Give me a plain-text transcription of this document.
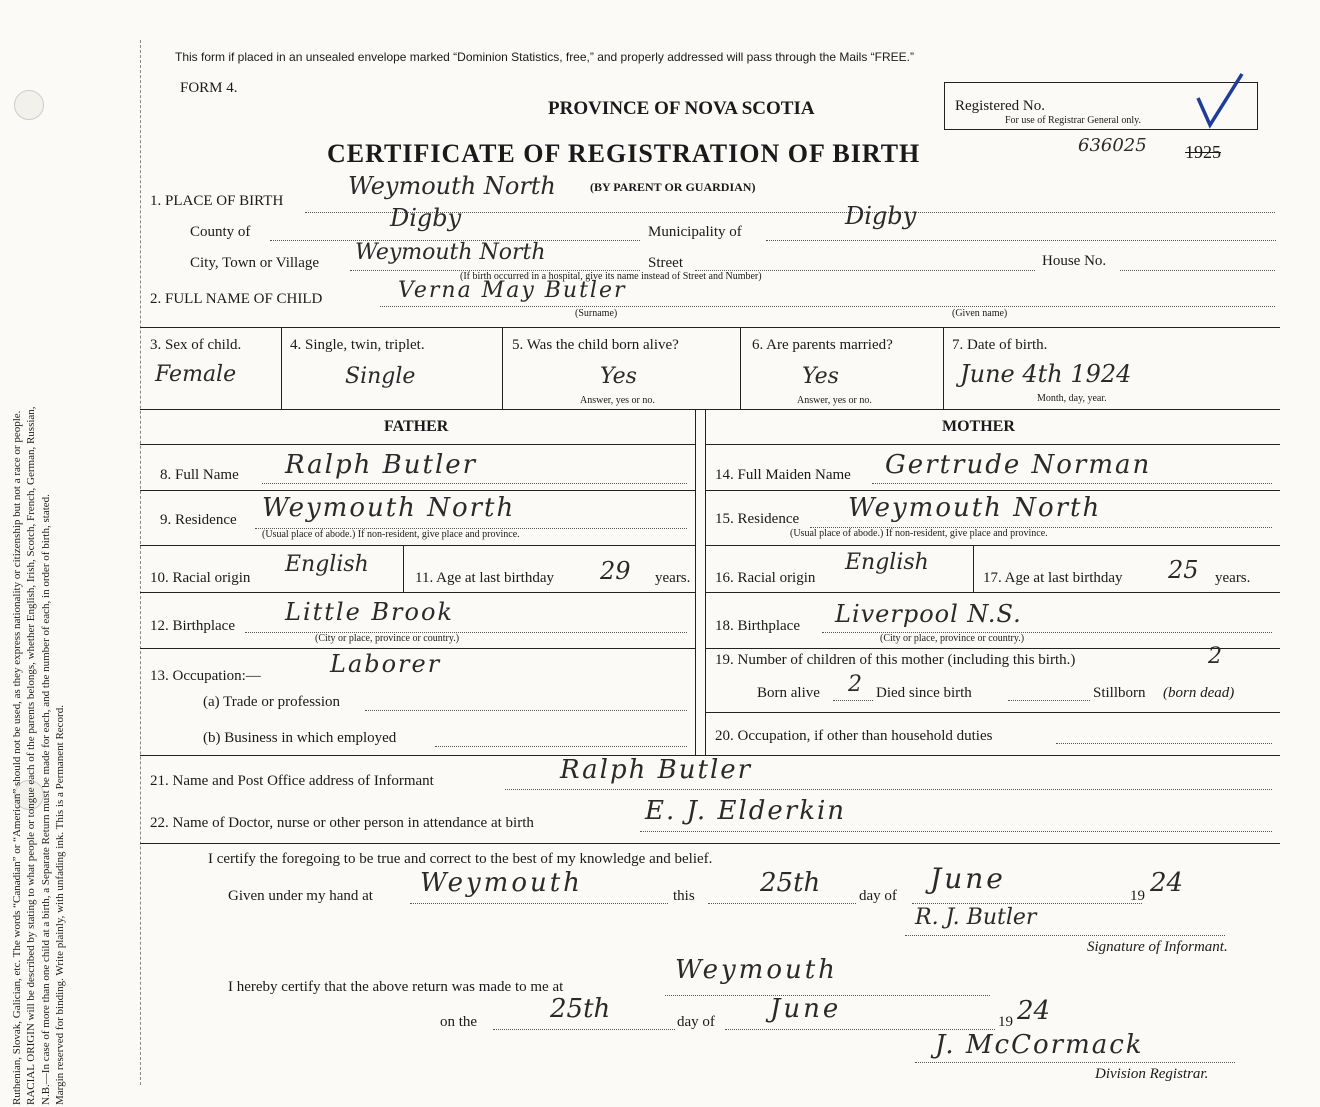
Ruthenian, Slovak, Galician, etc. The words “Canadian” or “American” should not be used, as they express nationality or citizenship but not a race or people. RACIAL ORIGIN will be described by stating to what people or tongue each of the parents belongs, whether English, Irish, Scotch, French, German, Russian, N.B.—In case of more than one child at a birth, a Separate Return must be made for each, and the number of each, in order of birth, stated. Margin reserved for binding. Write plainly, with unfading ink. This is a Permanent Record.
This form if placed in an unsealed envelope marked “Dominion Statistics, free,” and properly addressed will pass through the Mails “FREE.”
FORM 4.
PROVINCE OF NOVA SCOTIA
CERTIFICATE OF REGISTRATION OF BIRTH
Registered No.
For use of Registrar General only.
636025 1925
1. PLACE OF BIRTH
Weymouth North	(BY PARENT OR GUARDIAN)
County of	Digby	Municipality of
Digby
City, Town or Village Weymouth North	Street	House No.
(If birth occurred in a hospital, give its name instead of Street and Number)
2. FULL NAME OF CHILD	Verna May Butler
(Surname)	(Given name)
3. Sex of child.
Female
4. Single, twin, triplet.
Single
5. Was the child born alive?
Yes
Answer, yes or no.
6. Are parents married?
Yes
Answer, yes or no.
7. Date of birth.
June 4th 1924
Month, day, year.
FATHER	MOTHER
8. Full Name Ralph Butler
9. Residence Weymouth North
(Usual place of abode.) If non-resident, give place and province.
10. Racial origin
English
11. Age at last birthday 29 years.
12. Birthplace Little Brook
(City or place, province or country.)
13. Occupation:—	Laborer
(a) Trade or profession
(b) Business in which employed
14. Full Maiden Name Gertrude Norman
15. Residence Weymouth North
(Usual place of abode.) If non-resident, give place and province.
16. Racial origin
English
17. Age at last birthday 25 years.
18. Birthplace Liverpool N.S.
(City or place, province or country.)
19. Number of children of this mother (including this birth.)	2
Born alive 2 Died since birth	Stillborn (born dead)
20. Occupation, if other than household duties
21. Name and Post Office address of Informant	Ralph Butler
22. Name of Doctor, nurse or other person in attendance at birth	E. J. Elderkin
I certify the foregoing to be true and correct to the best of my knowledge and belief.
Given under my hand at Weymouth	this	25th	day of
June
19 24
R. J. Butler
Signature of Informant.
I hereby certify that the above return was made to me at
Weymouth
on the	25th	day of June	19 24
J. McCormack
Division Registrar.
